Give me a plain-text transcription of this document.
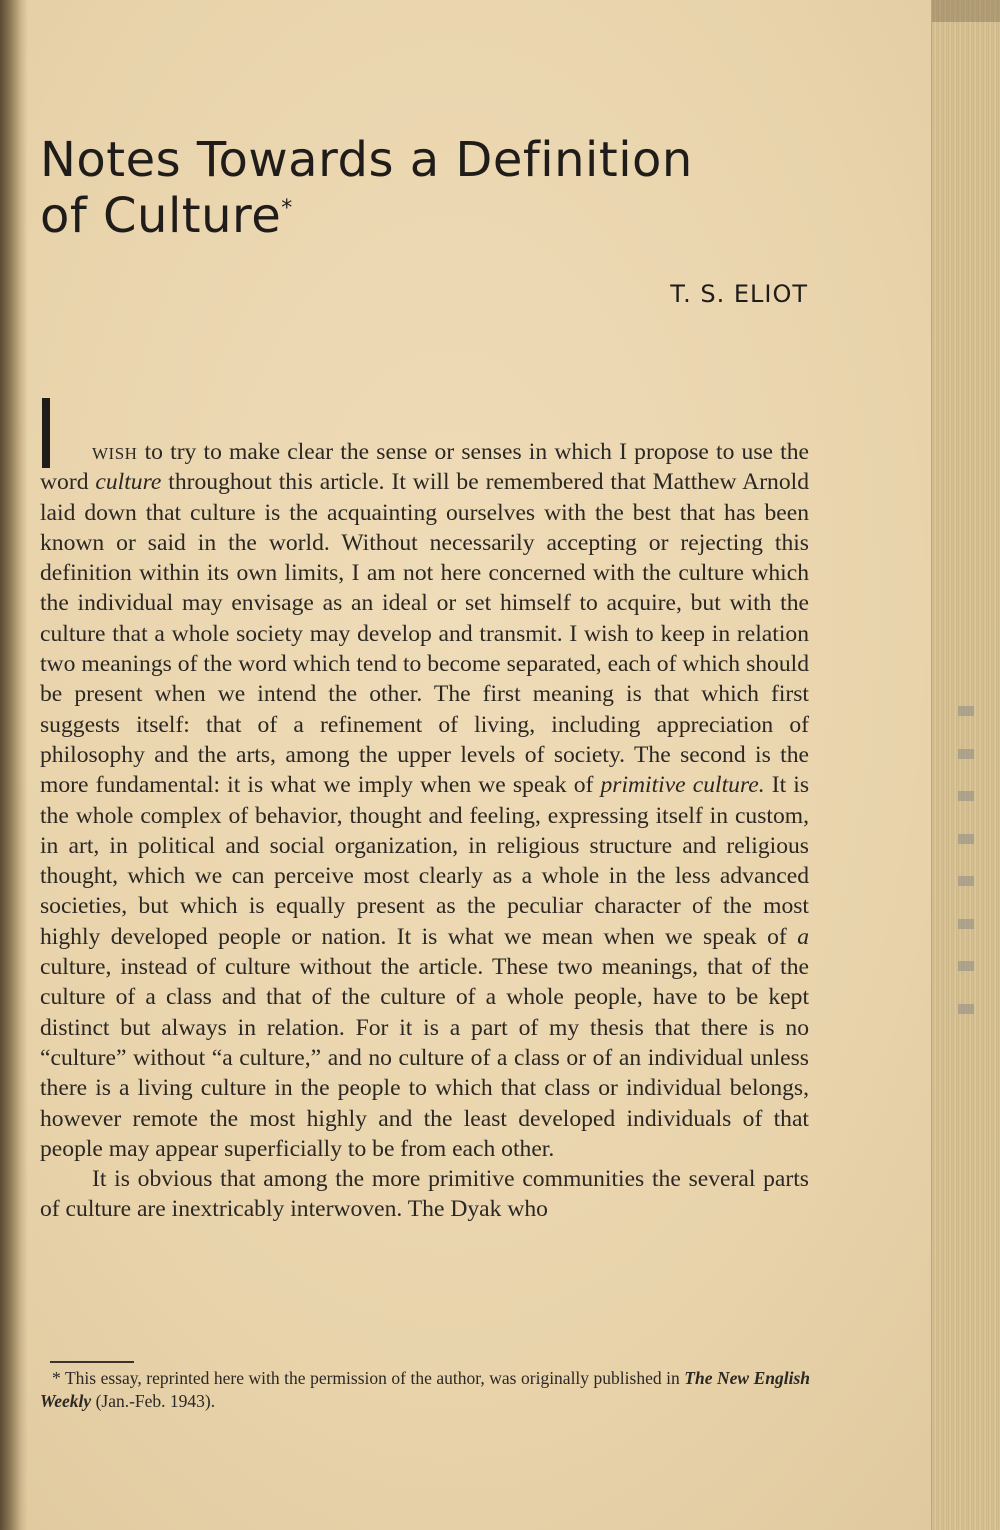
Notes Towards a Definition
of Culture*
T. S. ELIOT

wish to try to make clear the sense or senses in which I propose to use the word culture throughout this article. It will be remembered that Matthew Arnold laid down that culture is the acquainting ourselves with the best that has been known or said in the world. Without necessarily accepting or rejecting this definition within its own limits, I am not here concerned with the culture which the individual may envisage as an ideal or set himself to acquire, but with the culture that a whole society may develop and transmit. I wish to keep in relation two meanings of the word which tend to become separated, each of which should be present when we intend the other. The first meaning is that which first suggests itself: that of a refinement of living, including appreciation of philosophy and the arts, among the upper levels of society. The second is the more fundamental: it is what we imply when we speak of primitive culture. It is the whole complex of behavior, thought and feeling, expressing itself in custom, in art, in political and social organization, in religious structure and religious thought, which we can perceive most clearly as a whole in the less advanced societies, but which is equally present as the peculiar character of the most highly developed people or nation. It is what we mean when we speak of a culture, instead of culture without the article. These two meanings, that of the culture of a class and that of the culture of a whole people, have to be kept distinct but always in relation. For it is a part of my thesis that there is no “culture” without “a culture,” and no culture of a class or of an individual unless there is a living culture in the people to which that class or individual belongs, however remote the most highly and the least developed individuals of that people may appear superficially to be from each other.

It is obvious that among the more primitive communities the several parts of culture are inextricably interwoven. The Dyak who

* This essay, reprinted here with the permission of the author, was originally published in The New English Weekly (Jan.-Feb. 1943).
